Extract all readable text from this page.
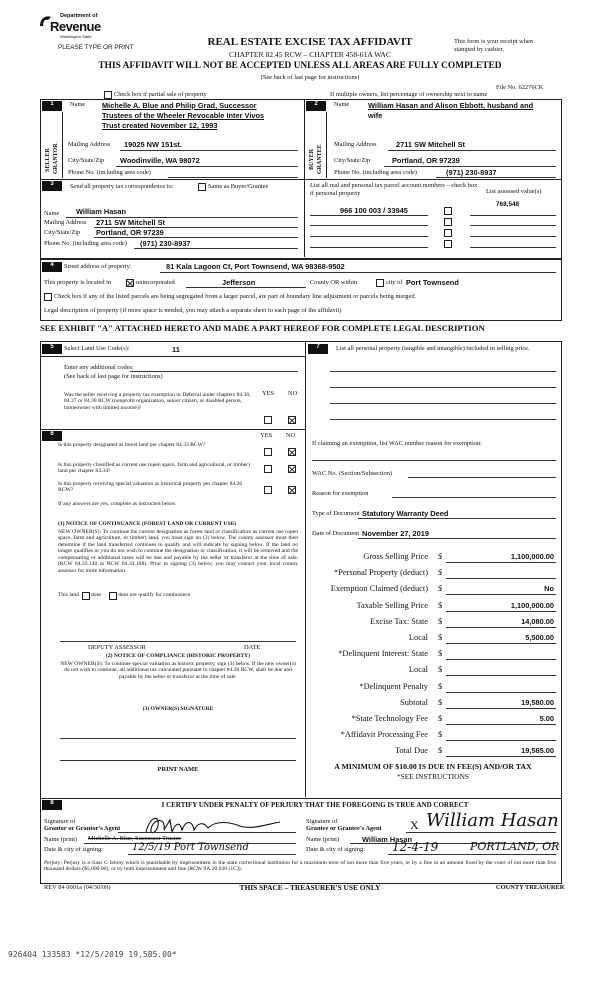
Department of
Revenue
Washington State
PLEASE TYPE OR PRINT	REAL ESTATE EXCISE TAX AFFIDAVIT
CHAPTER 82.45 RCW – CHAPTER 458-61A WAC
This form is your receipt when stamped by cashier.
THIS AFFIDAVIT WILL NOT BE ACCEPTED UNLESS ALL AREAS ARE FULLY COMPLETED
(See back of last page for instructions)
Check box if partial sale of property	If multiple owners, list percentage of ownership next to name
File No. 62276CK
1
SELLER GRANTOR
Name Michelle A. Blue and Philip Grad, Successor
Trustees of the Wheeler Revocable Inter Vivos
Trust created November 12, 1993
Mailing Address 19025 NW 151st.
City/State/Zip Woodinville, WA 98072
Phone No. (including area code)
2
BUYER GRANTEE
Name	William Hasan and Alison Ebbott, husband and
wife
Mailing Address	2711 SW Mitchell St
City/State/Zip	Portland, OR 97239
Phone No. (including area code)	(971) 230-8937
3	Send all property tax correspondence to:	Same as Buyer/Grantee
Name William Hasan
Mailing Address 2711 SW Mitchell St
City/State/Zip Portland, OR 97239
Phone No. (including area code) (971) 230-8937
List all real and personal tax parcel account numbers – check box if personal property	List assessed value(s)
966 100 003 / 33945
768,548
4	Street address of property:	81 Kala Lagoon Ct, Port Townsend, WA 98368-9502
This property is located in	unincorporated	Jefferson	County OR within	city of Port Townsend
Check box if any of the listed parcels are being segregated from a larger parcel, are part of boundary line adjustment or parcels being merged.
Legal description of property (if more space is needed, you may attach a separate sheet to each page of the affidavit)
SEE EXHIBIT "A" ATTACHED HERETO AND MADE A PART HEREOF FOR COMPLETE LEGAL DESCRIPTION
5	Select Land Use Code(s):	11
Enter any additional codes:
(See back of last page for instructions)
YES NO
Was the seller receiving a property tax exemption or Deferral under chapters 84.36, 84.37 or 84.38 RCW (nonprofit organization, senior citizen, or disabled person, homeowner with limited income)?
6	YES NO
Is this property designated as forest land per chapter 84.33 RCW?
Is this property classified as current use (open space, farm and agricultural, or timber) land per chapter 84.34?
Is this property receiving special valuation as historical property per chapter 84.26 RCW?
If any answers are yes, complete as instructed below.
(1) NOTICE OF CONTINUANCE (FOREST LAND OR CURRENT USE)
NEW OWNER(S): To continue the current designation as forest land or classification as current use (open space, farm and agriculture, or timber) land, you must sign on (3) below. The county assessor must then determine if the land transferred continues to qualify and will indicate by signing below. If the land no longer qualifies or you do not wish to continue the designation or classification, it will be removed and the compensating or additional taxes will be due and payable by the seller or transferor at the time of sale. (RCW 84.33.140 or RCW 84.34.108). Prior to signing (3) below, you may contact your local county assessor for more information.
This land does	does not qualify for continuance
DEPUTY ASSESSOR	DATE
(2) NOTICE OF COMPLIANCE (HISTORIC PROPERTY)
NEW OWNER(S): To continue special valuation as historic property, sign (3) below. If the new owner(s) do not wish to continue, all additional tax calculated pursuant to chapter 84.26 RCW, shall be due and payable by the seller or transferor at the time of sale.
(3) OWNER(S) SIGNATURE
PRINT NAME
7	List all personal property (tangible and intangible) included in selling price.
If claiming an exemption, list WAC number reason for exemption:
WAC No. (Section/Subsection)
Reason for exemption
Type of Document Statutory Warranty Deed
Date of Document November 27, 2019
Gross Selling Price $	1,100,000.00
*Personal Property (deduct) $
Exemption Claimed (deduct) $	No
Taxable Selling Price $	1,100,000.00
Excise Tax: State $	14,080.00
Local $	5,500.00
*Delinquent Interest: State $
Local $
*Delinquent Penalty $
Subtotal $	19,580.00
*State Technology Fee $	5.00
*Affidavit Processing Fee $
Total Due $	19,585.00
A MINIMUM OF $10.00 IS DUE IN FEE(S) AND/OR TAX
*SEE INSTRUCTIONS
8	I CERTIFY UNDER PENALTY OF PERJURY THAT THE FOREGOING IS TRUE AND CORRECT
Signature of
Grantor or Grantor's Agent
Name (print) Michelle A. Blue, Successor Trustee
Date & city of signing:	12/5/19 Port Townsend
Signature of
Grantee or Grantee's Agent X William Hasan
Name (print)	William Hasan
Date & city of signing: 12-4-19	PORTLAND, OR
Perjury: Perjury is a class C felony which is punishable by imprisonment in the state correctional institution for a maximum term of not more than five years, or by a fine in an amount fixed by the court of not more than five thousand dollars ($5,000.00), or by both imprisonment and fine (RCW 9A.20.020 (1C)).
REV 84 0001a (04/30/09)	THIS SPACE – TREASURER'S USE ONLY	COUNTY TREASURER
926404 133583 *12/5/2019 19,585.00*
